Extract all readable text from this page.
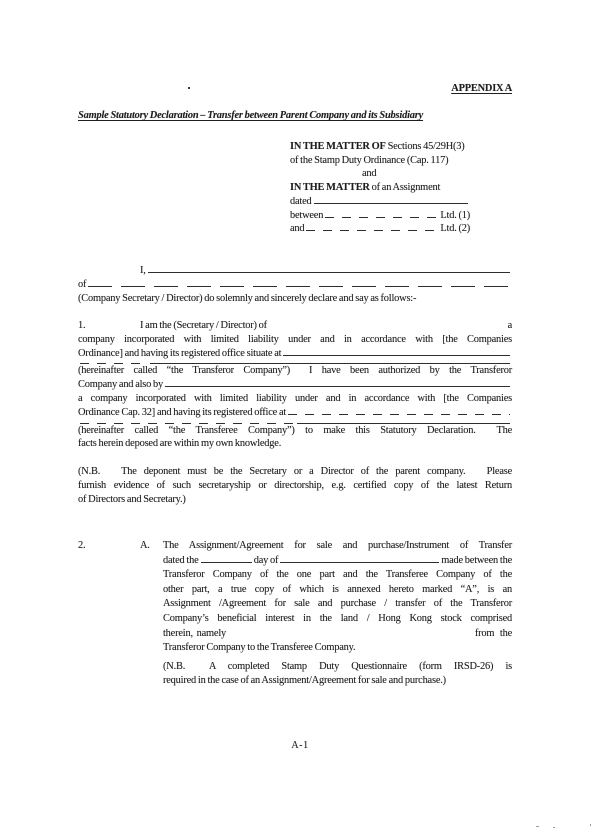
APPENDIX A
Sample Statutory Declaration – Transfer between Parent Company and its Subsidiary
IN THE MATTER OF Sections 45/29H(3)
of the Stamp Duty Ordinance (Cap. 117)
and
IN THE MATTER of an Assignment
dated
between	Ltd. (1)
and	Ltd. (2)
I,
of
(Company Secretary / Director) do solemnly and sincerely declare and say as follows:-
1.	I am the (Secretary / Director) of	a
company incorporated with limited liability under and in accordance with [the Companies
Ordinance] and having its registered office situate at
(hereinafter called “the Transferor Company”)  I have been authorized by the Transferor
Company and also by
a company incorporated with limited liability under and in accordance with [the Companies
Ordinance Cap. 32] and having its registered office at
(hereinafter called “the Transferee Company”) to make this Statutory Declaration.  The
facts herein deposed are within my own knowledge.
(N.B.   The deponent must be the Secretary or a Director of the parent company.   Please
furnish evidence of such secretaryship or directorship, e.g. certified copy of the latest Return
of Directors and Secretary.)
2.	A. The Assignment/Agreement for sale and purchase/Instrument of Transfer
dated the	day of	made between the
Transferor Company of the one part and the Transferee Company of the
other part, a true copy of which is annexed hereto marked “A”, is an
Assignment /Agreement for sale and purchase / transfer of the Transferor
Company’s beneficial interest in the land / Hong Kong stock comprised
therein,  namely	from   the
Transferor Company to the Transferee Company.
(N.B.  A completed Stamp Duty Questionnaire (form IRSD-26) is
required in the case of an Assignment/Agreement for sale and purchase.)
A-1
